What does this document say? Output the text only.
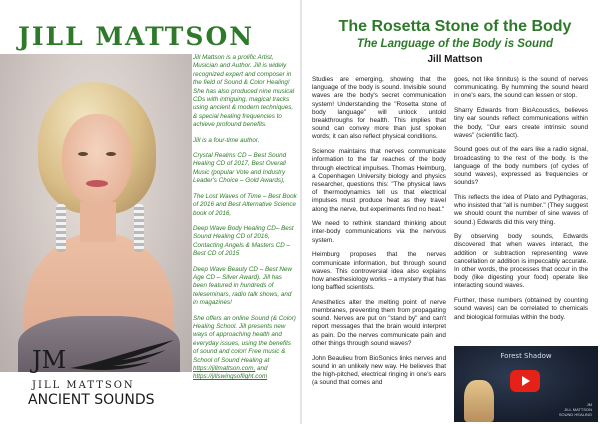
JILL MATTSON

Jill Mattson is a prolific Artist, Musician and Author. Jill is widely recognized expert and composer in the field of Sound & Color Healing! She has also produced nine musical CDs with intriguing, magical tracks using ancient & modern techniques, & special healing frequencies to achieve profound benefits.

Jill is a four-time author.

Crystal Realms CD – Best Sound Healing CD of 2017, Best Overall Music (popular Vote and Industry Leader's Choice – Gold Awards),

The Lost Waves of Time – Best Book of 2016 and Best Alternative Science book of 2016,

Deep Wave Body Healing CD– Best Sound Healing CD of 2016, Contacting Angels & Masters CD – Best CD of 2015

Deep Wave Beauty CD – Best New Age CD – Silver Award). Jill has been featured in hundreds of teleseminars, radio talk shows, and in magazines!

She offers an online Sound (& Color) Healing School. Jill presents new ways of approaching health and everyday issues, using the benefits of sound and color! Free music & School of Sound Healing at https://jillmattson.com, and https://jillswingsoflight.com

JM
JILL MATTSON
ANCIENT SOUNDS
The Rosetta Stone of the Body
The Language of the Body is Sound
Jill Mattson

Studies are emerging, showing that the language of the body is sound. Invisible sound waves are the body's secret communication system! Understanding the "Rosetta stone of body language" will unlock untold breakthroughs for health. This implies that sound can convey more than just spoken words; it can also reflect physical conditions.

Science maintains that nerves communicate information to the far reaches of the body through electrical impulses. Thomas Heimburg, a Copenhagen University biology and physics researcher, questions this: "The physical laws of thermodynamics tell us that electrical impulses must produce heat as they travel along the nerve, but experiments find no heat."

We need to rethink standard thinking about inter-body communications via the nervous system.

Heimburg proposes that the nerves communicate information, but through sound waves. This controversial idea also explains how anesthesiology works – a mystery that has long baffled scientists.

Anesthetics alter the melting point of nerve membranes, preventing them from propagating sound. Nerves are put on "stand by" and can't report messages that the brain would interpret as pain. Do the nerves communicate pain and other things through sound waves?

John Beaulieu from BioSonics links nerves and sound in an unlikely new way. He believes that the high-pitched, electrical ringing in one's ears (a sound that comes and

goes, not like tinnitus) is the sound of nerves communicating. By humming the sound heard in one's ears, the sound can lessen or stop.

Sharry Edwards from BioAcoustics, believes tiny ear sounds reflect communications within the body, "Our ears create intrinsic sound waves" (scientific fact).

Sound goes out of the ears like a radio signal, broadcasting to the rest of the body. Is the language of the body numbers (of cycles of sound waves), expressed as frequencies or sounds?

This reflects the idea of Plato and Pythagoras, who insisted that "all is number." (They suggest we should count the number of sine waves of sound.) Edwards did this very thing.

By observing body sounds, Edwards discovered that when waves interact, the addition or subtraction representing wave cancellation or addition is impeccably accurate. In other words, the processes that occur in the body (like digesting your food) operate like interacting sound waves.

Further, these numbers (obtained by counting sound waves) can be correlated to chemicals and biological formulas within the body.

Forest Shadow
JM
JILL MATTSON
SOUND HEALING
